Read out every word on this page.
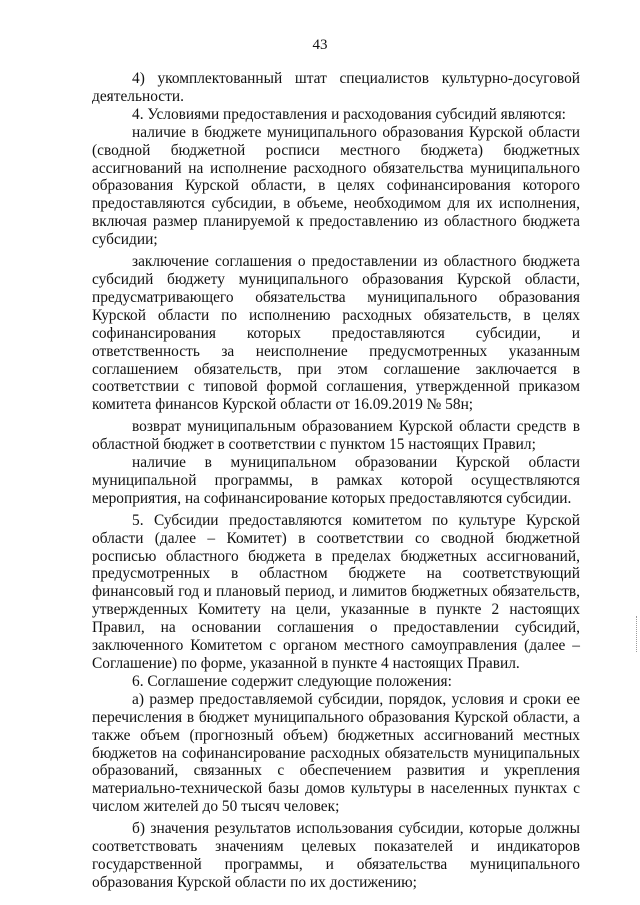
43

4) укомплектованный штат специалистов культурно-досуговой деятельности.

4. Условиями предоставления и расходования субсидий являются:

наличие в бюджете муниципального образования Курской области (сводной бюджетной росписи местного бюджета) бюджетных ассигнований на исполнение расходного обязательства муниципального образования Курской области, в целях софинансирования которого предоставляются субсидии, в объеме, необходимом для их исполнения, включая размер планируемой к предоставлению из областного бюджета субсидии;

заключение соглашения о предоставлении из областного бюджета субсидий бюджету муниципального образования Курской области, предусматривающего обязательства муниципального образования Курской области по исполнению расходных обязательств, в целях софинансирования которых предоставляются субсидии, и ответственность за неисполнение предусмотренных указанным соглашением обязательств, при этом соглашение заключается в соответствии с типовой формой соглашения, утвержденной приказом комитета финансов Курской области от 16.09.2019 № 58н;

возврат муниципальным образованием Курской области средств в областной бюджет в соответствии с пунктом 15 настоящих Правил;

наличие в муниципальном образовании Курской области муниципальной программы, в рамках которой осуществляются мероприятия, на софинансирование которых предоставляются субсидии.

5. Субсидии предоставляются комитетом по культуре Курской области (далее – Комитет) в соответствии со сводной бюджетной росписью областного бюджета в пределах бюджетных ассигнований, предусмотренных в областном бюджете на соответствующий финансовый год и плановый период, и лимитов бюджетных обязательств, утвержденных Комитету на цели, указанные в пункте 2 настоящих Правил, на основании соглашения о предоставлении субсидий, заключенного Комитетом с органом местного самоуправления (далее – Соглашение) по форме, указанной в пункте 4 настоящих Правил.

6. Соглашение содержит следующие положения:

а) размер предоставляемой субсидии, порядок, условия и сроки ее перечисления в бюджет муниципального образования Курской области, а также объем (прогнозный объем) бюджетных ассигнований местных бюджетов на софинансирование расходных обязательств муниципальных образований, связанных с обеспечением развития и укрепления материально-технической базы домов культуры в населенных пунктах с числом жителей до 50 тысяч человек;

б) значения результатов использования субсидии, которые должны соответствовать значениям целевых показателей и индикаторов государственной программы, и обязательства муниципального образования Курской области по их достижению;
